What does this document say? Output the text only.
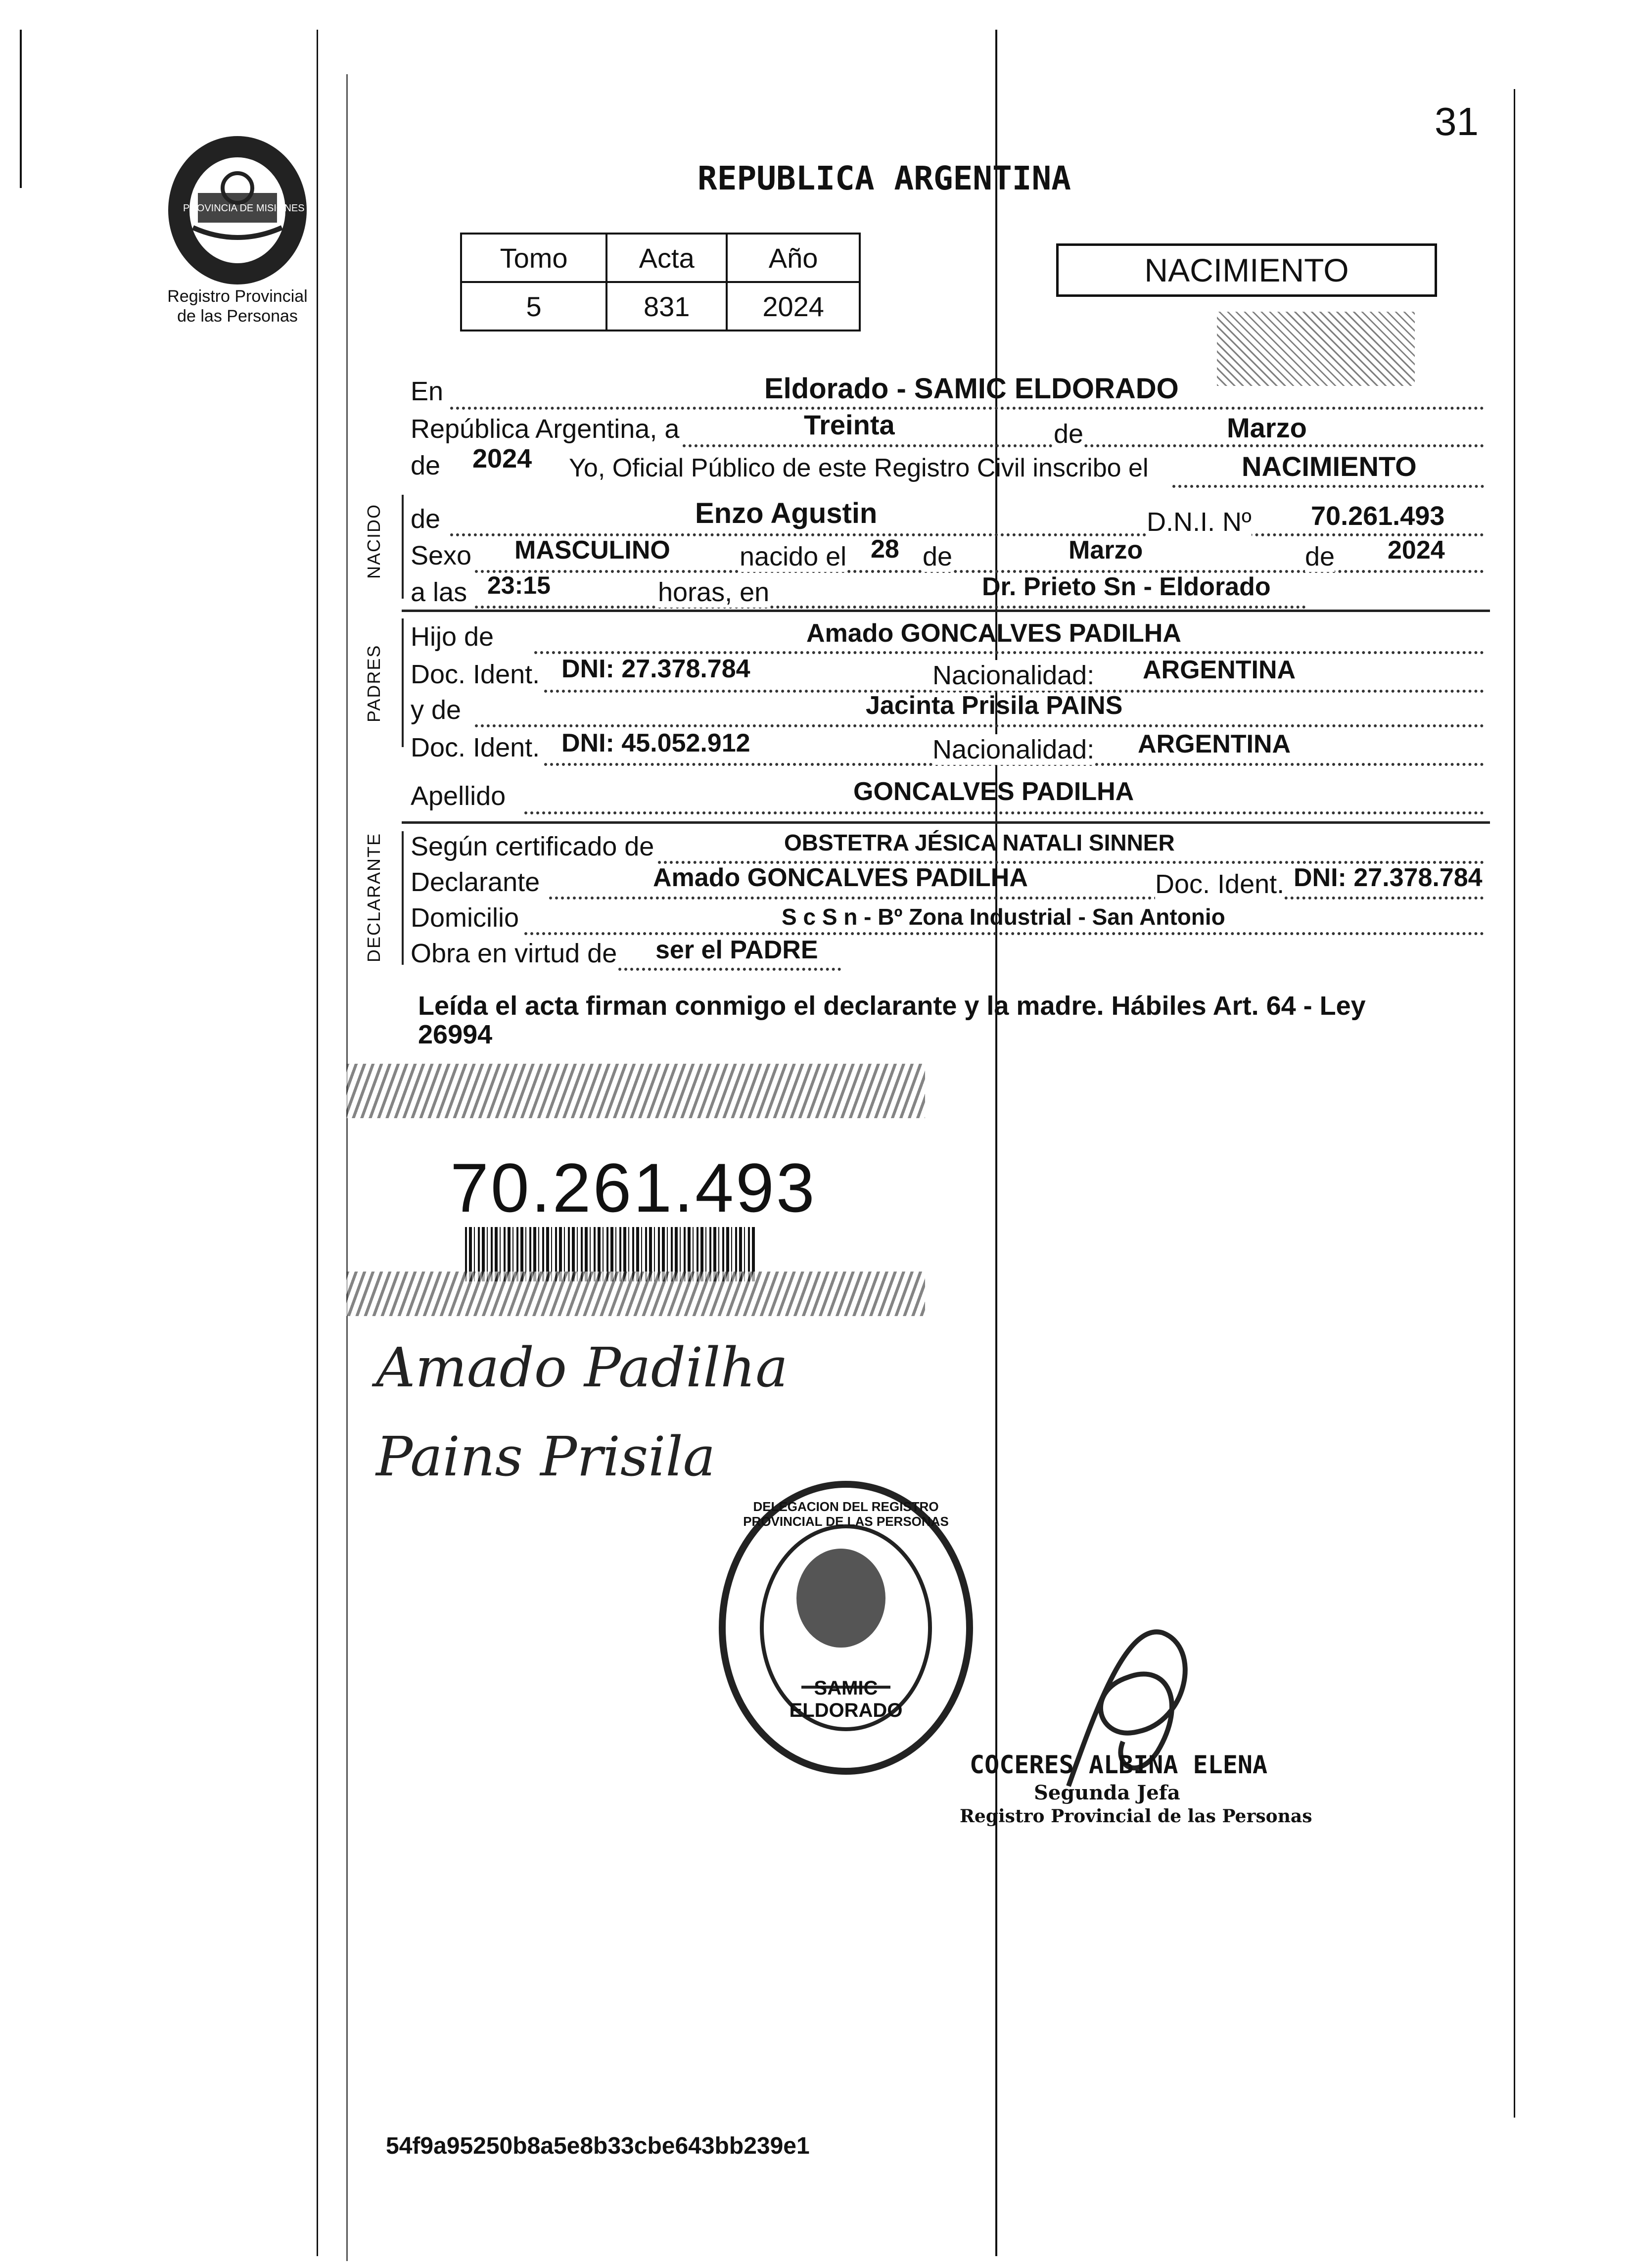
31
PROVINCIA DE MISIONES
Registro Provincial
de las Personas
REPUBLICA ARGENTINA
Tomo	Acta	Año
5	831	2024
NACIMIENTO
En	Eldorado - SAMIC ELDORADO
República Argentina, a	Treinta	de	Marzo
de 2024 Yo, Oficial Público de este Registro Civil inscribo el	NACIMIENTO
NACIDO de	Enzo Agustin	D.N.I. Nº 70.261.493
Sexo MASCULINO	nacido el 28 de	Marzo	de 2024
a las 23:15	horas, en	Dr. Prieto Sn - Eldorado
PADRES
Hijo de	Amado GONCALVES PADILHA
Doc. Ident. DNI: 27.378.784	Nacionalidad: ARGENTINA
y de	Jacinta Prisila PAINS
Doc. Ident. DNI: 45.052.912	Nacionalidad: ARGENTINA
Apellido	GONCALVES PADILHA
DECLARANTE Según certificado de	OBSTETRA JÉSICA NATALI SINNER
Declarante	Amado GONCALVES PADILHA	Doc. Ident. DNI: 27.378.784
Domicilio	S c S n - Bº Zona Industrial - San Antonio
Obra en virtud de ser el PADRE
Leída el acta firman conmigo el declarante y la madre. Hábiles Art. 64 - Ley
26994
70.261.493
Amado Padilha
Pains Prisila
DELEGACION DEL REGISTRO PROVINCIAL DE LAS PERSONAS
SAMIC ELDORADO
COCERES ALBINA ELENA
Segunda Jefa
Registro Provincial de las Personas
54f9a95250b8a5e8b33cbe643bb239e1
